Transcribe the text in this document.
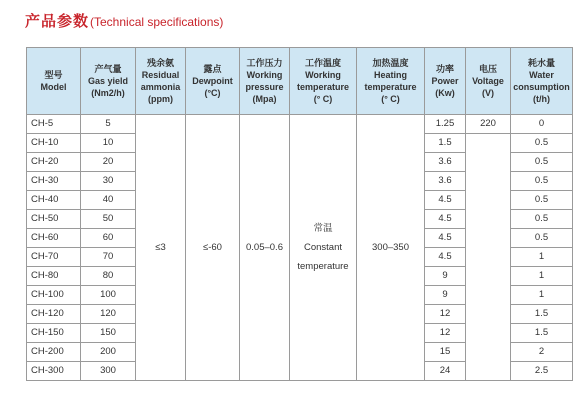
产品参数 (Technical specifications)
型号
Model	产气量
Gas yield
(Nm2/h)	残余氨
Residual
ammonia
(ppm)	露点
Dewpoint
(°C)	工作压力
Working
pressure
(Mpa)	工作温度
Working
temperature
(° C)	加热温度
Heating
temperature
(° C)	功率
Power
(Kw)	电压
Voltage
(V)	耗水量
Water
consumption
(t/h)

CH-5	5	≤3	≤-60	0.05–0.6	常温
Constant
temperature	300–350	1.25	220	0
CH-10	10						1.5		0.5
CH-20	20						3.6		0.5
CH-30	30						3.6		0.5
CH-40	40						4.5		0.5
CH-50	50						4.5		0.5
CH-60	60						4.5		0.5
CH-70	70						4.5		1
CH-80	80						9		1
CH-100	100						9		1
CH-120	120						12		1.5
CH-150	150						12		1.5
CH-200	200						15		2
CH-300	300						24		2.5
